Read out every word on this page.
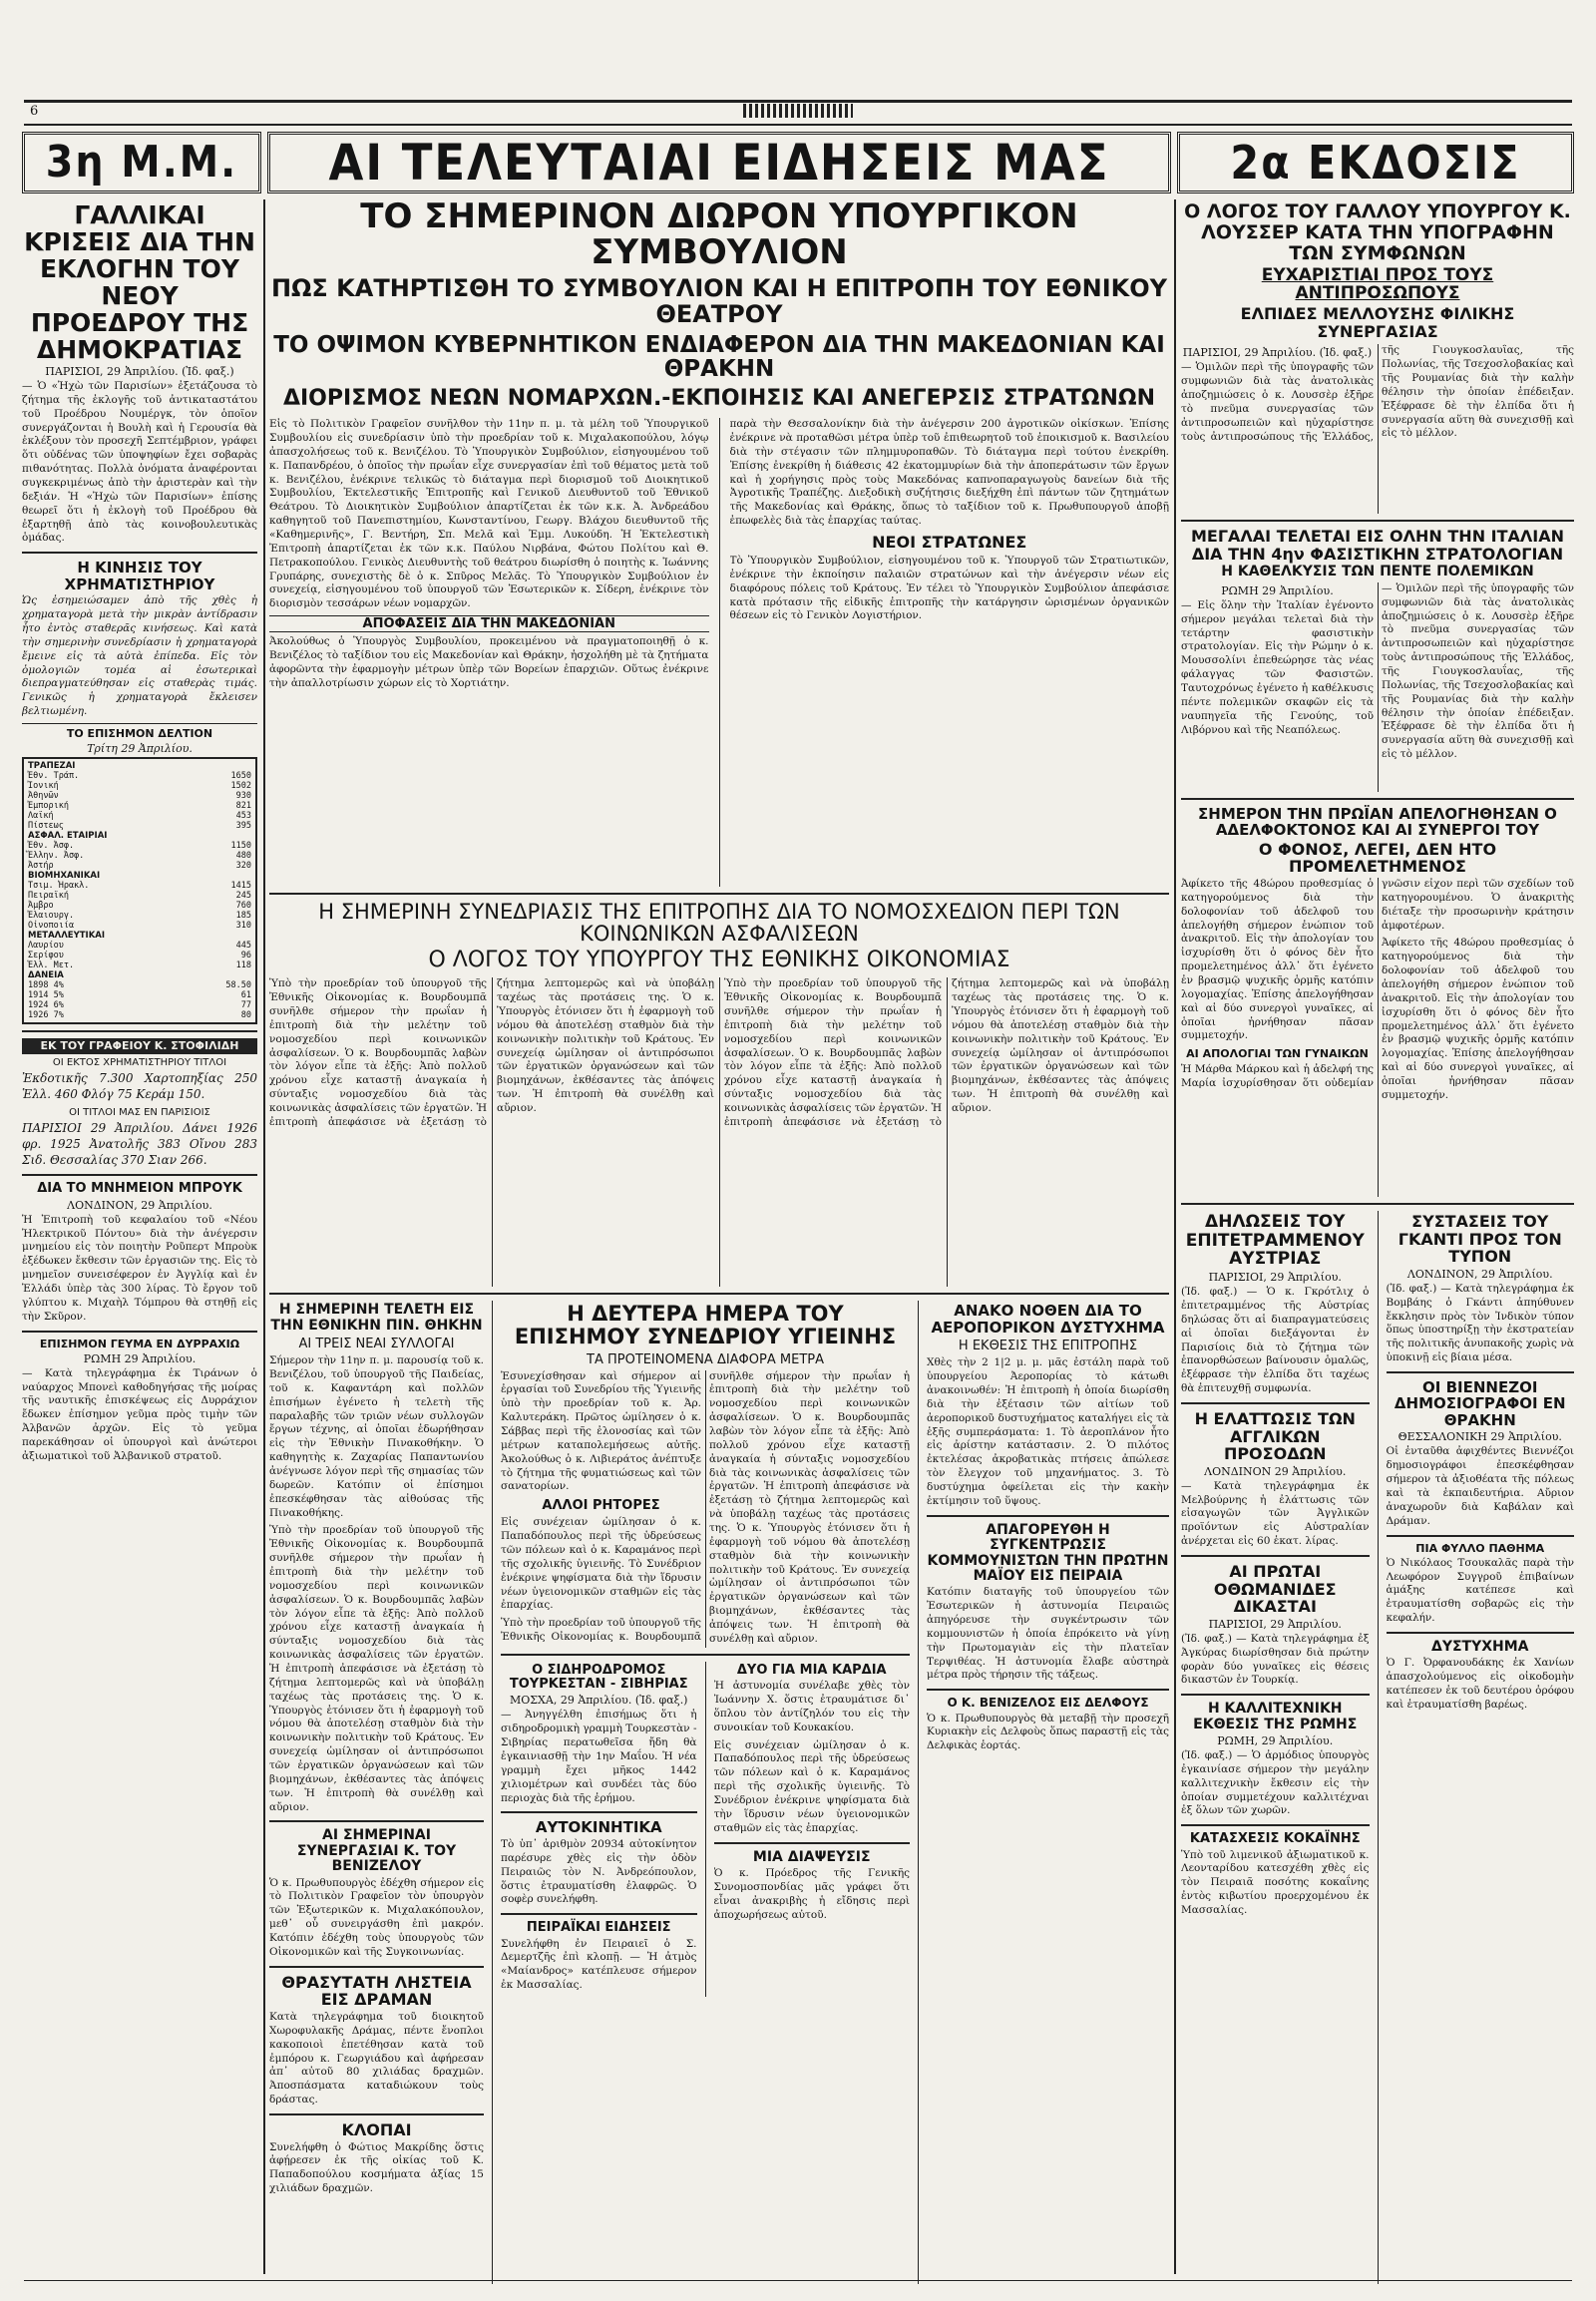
6
3η Μ.Μ.	ΑΙ ΤΕΛΕΥΤΑΙΑΙ ΕΙΔΗΣΕΙΣ ΜΑΣ	2α ΕΚΔΟΣΙΣ
ΓΑΛΛΙΚΑΙ ΚΡΙΣΕΙΣ ΔΙΑ ΤΗΝ ΕΚΛΟΓΗΝ ΤΟΥ ΝΕΟΥ ΠΡΟΕΔΡΟΥ ΤΗΣ ΔΗΜΟΚΡΑΤΙΑΣ
ΠΑΡΙΣΙΟΙ, 29 Ἀπριλίου. (Ἰδ. φαξ.)

— Ὁ «Ἠχὼ τῶν Παρισίων» ἐξετάζουσα τὸ ζήτημα τῆς ἐκλογῆς τοῦ ἀντικαταστάτου τοῦ Προέδρου Νουμέργκ, τὸν ὁποῖον συνεργάζονται ἡ Βουλὴ καὶ ἡ Γερουσία θὰ ἐκλέξουν τὸν προσεχῆ Σεπτέμβριον, γράφει ὅτι οὐδένας τῶν ὑποψηφίων ἔχει σοβαρὰς πιθανότητας. Πολλὰ ὀνόματα ἀναφέρονται συγκεκριμένως ἀπὸ τὴν ἀριστερὰν καὶ τὴν δεξιάν. Ἡ «Ἠχὼ τῶν Παρισίων» ἐπίσης θεωρεῖ ὅτι ἡ ἐκλογὴ τοῦ Προέδρου θὰ ἐξαρτηθῇ ἀπὸ τὰς κοινοβουλευτικὰς ὁμάδας.

Η ΚΙΝΗΣΙΣ ΤΟΥ ΧΡΗΜΑΤΙΣΤΗΡΙΟΥ

Ὡς ἐσημειώσαμεν ἀπὸ τῆς χθὲς ἡ χρηματαγορὰ μετὰ τὴν μικρὰν ἀντίδρασιν ἦτο ἐντὸς σταθερᾶς κινήσεως. Καὶ κατὰ τὴν σημερινὴν συνεδρίασιν ἡ χρηματαγορὰ ἔμεινε εἰς τὰ αὐτὰ ἐπίπεδα. Εἰς τὸν ὁμολογιῶν τομέα αἱ ἐσωτερικαὶ διεπραγματεύθησαν εἰς σταθερὰς τιμάς. Γενικῶς ἡ χρηματαγορὰ ἔκλεισεν βελτιωμένη.

ΤΟ ΕΠΙΣΗΜΟΝ ΔΕΛΤΙΟΝ
Τρίτη 29 Ἀπριλίου.
ΤΡΑΠΕΖΑΙ	
Ἐθν. Τράπ.	1650
Ἰονική	1502
Ἀθηνῶν	930
Ἐμπορική	821
Λαϊκή	453
Πίστεως	395
ΑΣΦΑΛ. ΕΤΑΙΡΙΑΙ	
Ἐθν. Ἀσφ.	1150
Ἕλλην. Ἀσφ.	480
Ἀστήρ	320
ΒΙΟΜΗΧΑΝΙΚΑΙ	
Τσιμ. Ἡρακλ.	1415
Πειραϊκή	245
Ἀμβρο	760
Ἐλαιουργ.	185
Οἰνοποιία	310
ΜΕΤΑΛΛΕΥΤΙΚΑΙ	
Λαυρίου	445
Σερίφου	96
Ἑλλ. Μετ.	118
ΔΑΝΕΙΑ	
1898 4%	58.50
1914 5%	61
1924 6%	77
1926 7%	80
ΕΚ ΤΟΥ ΓΡΑΦΕΙΟΥ Κ. ΣΤΟΦΙΛΙΔΗ
ΟΙ ΕΚΤΟΣ ΧΡΗΜΑΤΙΣΤΗΡΙΟΥ ΤΙΤΛΟΙ

Ἐκδοτικῆς 7.300 Χαρτοπηξίας 250 Ἑλλ. 460 Φλόγ 75 Κεράμ 150.

ΟΙ ΤΙΤΛΟΙ ΜΑΣ ΕΝ ΠΑΡΙΣΙΟΙΣ

ΠΑΡΙΣΙΟΙ 29 Ἀπριλίου. Δάνει 1926 φρ. 1925 Ἀνατολῆς 383 Οἴνου 283 Σιδ. Θεσσαλίας 370 Σιαν 266.

ΔΙΑ ΤΟ ΜΝΗΜΕΙΟΝ ΜΠΡΟΥΚ
ΛΟΝΔΙΝΟΝ, 29 Ἀπριλίου.

Ἡ Ἐπιτροπὴ τοῦ κεφαλαίου τοῦ «Νέου Ἠλεκτρικοῦ Πόντου» διὰ τὴν ἀνέγερσιν μνημείου εἰς τὸν ποιητὴν Ροῦπερτ Μπροὺκ ἐξέδωκεν ἔκθεσιν τῶν ἐργασιῶν της. Εἰς τὸ μνημεῖον συνεισέφερον ἐν Ἀγγλίᾳ καὶ ἐν Ἑλλάδι ὑπὲρ τὰς 300 λίρας. Τὸ ἔργον τοῦ γλύπτου κ. Μιχαὴλ Τόμπρου θὰ στηθῇ εἰς τὴν Σκῦρον.

ΕΠΙΣΗΜΟΝ ΓΕΥΜΑ ΕΝ ΔΥΡΡΑΧΙΩ
ΡΩΜΗ 29 Ἀπριλίου.

— Κατὰ τηλεγράφημα ἐκ Τιράνων ὁ ναύαρχος Μπονεὶ καθοδηγήσας τῆς μοίρας τῆς ναυτικῆς ἐπισκέψεως εἰς Δυρράχιον ἔδωκεν ἐπίσημον γεῦμα πρὸς τιμὴν τῶν Ἀλβανῶν ἀρχῶν. Εἰς τὸ γεῦμα παρεκάθησαν οἱ ὑπουργοὶ καὶ ἀνώτεροι ἀξιωματικοὶ τοῦ Ἀλβανικοῦ στρατοῦ.

ΤΟ ΣΗΜΕΡΙΝΟΝ ΔΙΩΡΟΝ ΥΠΟΥΡΓΙΚΟΝ ΣΥΜΒΟΥΛΙΟΝ
ΠΩΣ ΚΑΤΗΡΤΙΣΘΗ ΤΟ ΣΥΜΒΟΥΛΙΟΝ ΚΑΙ Η ΕΠΙΤΡΟΠΗ ΤΟΥ ΕΘΝΙΚΟΥ ΘΕΑΤΡΟΥ
ΤΟ ΟΨΙΜΟΝ ΚΥΒΕΡΝΗΤΙΚΟΝ ΕΝΔΙΑΦΕΡΟΝ ΔΙΑ ΤΗΝ ΜΑΚΕΔΟΝΙΑΝ ΚΑΙ ΘΡΑΚΗΝ
ΔΙΟΡΙΣΜΟΣ ΝΕΩΝ ΝΟΜΑΡΧΩΝ.-ΕΚΠΟΙΗΣΙΣ ΚΑΙ ΑΝΕΓΕΡΣΙΣ ΣΤΡΑΤΩΝΩΝ

Εἰς τὸ Πολιτικὸν Γραφεῖον συνῆλθον τὴν 11ην π. μ. τὰ μέλη τοῦ Ὑπουργικοῦ Συμβουλίου εἰς συνεδρίασιν ὑπὸ τὴν προεδρίαν τοῦ κ. Μιχαλακοπούλου, λόγῳ ἀπασχολήσεως τοῦ κ. Βενιζέλου. Τὸ Ὑπουργικὸν Συμβούλιον, εἰσηγουμένου τοῦ κ. Παπανδρέου, ὁ ὁποῖος τὴν πρωΐαν εἶχε συνεργασίαν ἐπὶ τοῦ θέματος μετὰ τοῦ κ. Βενιζέλου, ἐνέκρινε τελικῶς τὸ διάταγμα περὶ διορισμοῦ τοῦ Διοικητικοῦ Συμβουλίου, Ἐκτελεστικῆς Ἐπιτροπῆς καὶ Γενικοῦ Διευθυντοῦ τοῦ Ἐθνικοῦ Θεάτρου. Τὸ Διοικητικὸν Συμβούλιον ἀπαρτίζεται ἐκ τῶν κ.κ. Ἀ. Ἀνδρεάδου καθηγητοῦ τοῦ Πανεπιστημίου, Κωνσταντίνου, Γεωργ. Βλάχου διευθυντοῦ τῆς «Καθημερινῆς», Γ. Βεντήρη, Σπ. Μελᾶ καὶ Ἐμμ. Λυκούδη. Ἡ Ἐκτελεστικὴ Ἐπιτροπὴ ἀπαρτίζεται ἐκ τῶν κ.κ. Παύλου Νιρβάνα, Φώτου Πολίτου καὶ Θ. Πετρακοπούλου. Γενικὸς Διευθυντὴς τοῦ θεάτρου διωρίσθη ὁ ποιητὴς κ. Ἰωάννης Γρυπάρης, συνεχιστὴς δὲ ὁ κ. Σπῦρος Μελᾶς. Τὸ Ὑπουργικὸν Συμβούλιον ἐν συνεχείᾳ, εἰσηγουμένου τοῦ ὑπουργοῦ τῶν Ἐσωτερικῶν κ. Σίδερη, ἐνέκρινε τὸν διορισμὸν τεσσάρων νέων νομαρχῶν.

ΑΠΟΦΑΣΕΙΣ ΔΙΑ ΤΗΝ ΜΑΚΕΔΟΝΙΑΝ

Ἀκολούθως ὁ Ὑπουργὸς Συμβουλίου, προκειμένου νὰ πραγματοποιηθῇ ὁ κ. Βενιζέλος τὸ ταξίδιον του εἰς Μακεδονίαν καὶ Θράκην, ἠσχολήθη μὲ τὰ ζητήματα ἀφορῶντα τὴν ἐφαρμογὴν μέτρων ὑπὲρ τῶν Βορείων ἐπαρχιῶν. Οὕτως ἐνέκρινε τὴν ἀπαλλοτρίωσιν χώρων εἰς τὸ Χορτιάτην.

παρὰ τὴν Θεσσαλονίκην διὰ τὴν ἀνέγερσιν 200 ἀγροτικῶν οἰκίσκων. Ἐπίσης ἐνέκρινε νὰ προταθῶσι μέτρα ὑπὲρ τοῦ ἐπιθεωρητοῦ τοῦ ἐποικισμοῦ κ. Βασιλείου διὰ τὴν στέγασιν τῶν πλημμυροπαθῶν. Τὸ διάταγμα περὶ τούτου ἐνεκρίθη. Ἐπίσης ἐνεκρίθη ἡ διάθεσις 42 ἐκατομμυρίων διὰ τὴν ἀποπεράτωσιν τῶν ἔργων καὶ ἡ χορήγησις πρὸς τοὺς Μακεδόνας καπνοπαραγωγοὺς δανείων διὰ τῆς Ἀγροτικῆς Τραπέζης. Διεξοδικὴ συζήτησις διεξήχθη ἐπὶ πάντων τῶν ζητημάτων τῆς Μακεδονίας καὶ Θράκης, ὅπως τὸ ταξίδιον τοῦ κ. Πρωθυπουργοῦ ἀποβῇ ἐπωφελὲς διὰ τὰς ἐπαρχίας ταύτας.

ΝΕΟΙ ΣΤΡΑΤΩΝΕΣ

Τὸ Ὑπουργικὸν Συμβούλιον, εἰσηγουμένου τοῦ κ. Ὑπουργοῦ τῶν Στρατιωτικῶν, ἐνέκρινε τὴν ἐκποίησιν παλαιῶν στρατώνων καὶ τὴν ἀνέγερσιν νέων εἰς διαφόρους πόλεις τοῦ Κράτους. Ἐν τέλει τὸ Ὑπουργικὸν Συμβούλιον ἀπεφάσισε κατὰ πρότασιν τῆς εἰδικῆς ἐπιτροπῆς τὴν κατάργησιν ὡρισμένων ὀργανικῶν θέσεων εἰς τὸ Γενικὸν Λογιστήριον.

Η ΣΗΜΕΡΙΝΗ ΣΥΝΕΔΡΙΑΣΙΣ ΤΗΣ ΕΠΙΤΡΟΠΗΣ ΔΙΑ ΤΟ ΝΟΜΟΣΧΕΔΙΟΝ ΠΕΡΙ ΤΩΝ ΚΟΙΝΩΝΙΚΩΝ ΑΣΦΑΛΙΣΕΩΝ
Ο ΛΟΓΟΣ ΤΟΥ ΥΠΟΥΡΓΟΥ ΤΗΣ ΕΘΝΙΚΗΣ ΟΙΚΟΝΟΜΙΑΣ

Ὑπὸ τὴν προεδρίαν τοῦ ὑπουργοῦ τῆς Ἐθνικῆς Οἰκονομίας κ. Βουρδουμπᾶ συνῆλθε σήμερον τὴν πρωΐαν ἡ ἐπιτροπὴ διὰ τὴν μελέτην τοῦ νομοσχεδίου περὶ κοινωνικῶν ἀσφαλίσεων. Ὁ κ. Βουρδουμπᾶς λαβὼν τὸν λόγον εἶπε τὰ ἑξῆς: Ἀπὸ πολλοῦ χρόνου εἶχε καταστῇ ἀναγκαία ἡ σύνταξις νομοσχεδίου διὰ τὰς κοινωνικὰς ἀσφαλίσεις τῶν ἐργατῶν. Ἡ ἐπιτροπὴ ἀπεφάσισε νὰ ἐξετάσῃ τὸ ζήτημα λεπτομερῶς καὶ νὰ ὑποβάλῃ ταχέως τὰς προτάσεις της. Ὁ κ. Ὑπουργὸς ἐτόνισεν ὅτι ἡ ἐφαρμογὴ τοῦ νόμου θὰ ἀποτελέσῃ σταθμὸν διὰ τὴν κοινωνικὴν πολιτικὴν τοῦ Κράτους. Ἐν συνεχείᾳ ὡμίλησαν οἱ ἀντιπρόσωποι τῶν ἐργατικῶν ὀργανώσεων καὶ τῶν βιομηχάνων, ἐκθέσαντες τὰς ἀπόψεις των. Ἡ ἐπιτροπὴ θὰ συνέλθῃ καὶ αὔριον.

Ὑπὸ τὴν προεδρίαν τοῦ ὑπουργοῦ τῆς Ἐθνικῆς Οἰκονομίας κ. Βουρδουμπᾶ συνῆλθε σήμερον τὴν πρωΐαν ἡ ἐπιτροπὴ διὰ τὴν μελέτην τοῦ νομοσχεδίου περὶ κοινωνικῶν ἀσφαλίσεων. Ὁ κ. Βουρδουμπᾶς λαβὼν τὸν λόγον εἶπε τὰ ἑξῆς: Ἀπὸ πολλοῦ χρόνου εἶχε καταστῇ ἀναγκαία ἡ σύνταξις νομοσχεδίου διὰ τὰς κοινωνικὰς ἀσφαλίσεις τῶν ἐργατῶν. Ἡ ἐπιτροπὴ ἀπεφάσισε νὰ ἐξετάσῃ τὸ ζήτημα λεπτομερῶς καὶ νὰ ὑποβάλῃ ταχέως τὰς προτάσεις της. Ὁ κ. Ὑπουργὸς ἐτόνισεν ὅτι ἡ ἐφαρμογὴ τοῦ νόμου θὰ ἀποτελέσῃ σταθμὸν διὰ τὴν κοινωνικὴν πολιτικὴν τοῦ Κράτους. Ἐν συνεχείᾳ ὡμίλησαν οἱ ἀντιπρόσωποι τῶν ἐργατικῶν ὀργανώσεων καὶ τῶν βιομηχάνων, ἐκθέσαντες τὰς ἀπόψεις των. Ἡ ἐπιτροπὴ θὰ συνέλθῃ καὶ αὔριον.

Η ΣΗΜΕΡΙΝΗ ΤΕΛΕΤΗ ΕΙΣ ΤΗΝ ΕΘΝΙΚΗΝ ΠΙΝ. ΘΗΚΗΝ
ΑΙ ΤΡΕΙΣ ΝΕΑΙ ΣΥΛΛΟΓΑΙ

Σήμερον τὴν 11ην π. μ. παρουσίᾳ τοῦ κ. Βενιζέλου, τοῦ ὑπουργοῦ τῆς Παιδείας, τοῦ κ. Καφαντάρη καὶ πολλῶν ἐπισήμων ἐγένετο ἡ τελετὴ τῆς παραλαβῆς τῶν τριῶν νέων συλλογῶν ἔργων τέχνης, αἱ ὁποῖαι ἐδωρήθησαν εἰς τὴν Ἐθνικὴν Πινακοθήκην. Ὁ καθηγητὴς κ. Ζαχαρίας Παπαντωνίου ἀνέγνωσε λόγον περὶ τῆς σημασίας τῶν δωρεῶν. Κατόπιν οἱ ἐπίσημοι ἐπεσκέφθησαν τὰς αἰθούσας τῆς Πινακοθήκης.

Ὑπὸ τὴν προεδρίαν τοῦ ὑπουργοῦ τῆς Ἐθνικῆς Οἰκονομίας κ. Βουρδουμπᾶ συνῆλθε σήμερον τὴν πρωΐαν ἡ ἐπιτροπὴ διὰ τὴν μελέτην τοῦ νομοσχεδίου περὶ κοινωνικῶν ἀσφαλίσεων. Ὁ κ. Βουρδουμπᾶς λαβὼν τὸν λόγον εἶπε τὰ ἑξῆς: Ἀπὸ πολλοῦ χρόνου εἶχε καταστῇ ἀναγκαία ἡ σύνταξις νομοσχεδίου διὰ τὰς κοινωνικὰς ἀσφαλίσεις τῶν ἐργατῶν. Ἡ ἐπιτροπὴ ἀπεφάσισε νὰ ἐξετάσῃ τὸ ζήτημα λεπτομερῶς καὶ νὰ ὑποβάλῃ ταχέως τὰς προτάσεις της. Ὁ κ. Ὑπουργὸς ἐτόνισεν ὅτι ἡ ἐφαρμογὴ τοῦ νόμου θὰ ἀποτελέσῃ σταθμὸν διὰ τὴν κοινωνικὴν πολιτικὴν τοῦ Κράτους. Ἐν συνεχείᾳ ὡμίλησαν οἱ ἀντιπρόσωποι τῶν ἐργατικῶν ὀργανώσεων καὶ τῶν βιομηχάνων, ἐκθέσαντες τὰς ἀπόψεις των. Ἡ ἐπιτροπὴ θὰ συνέλθῃ καὶ αὔριον.

ΑΙ ΣΗΜΕΡΙΝΑΙ ΣΥΝΕΡΓΑΣΙΑΙ Κ. ΤΟΥ ΒΕΝΙΖΕΛΟΥ

Ὁ κ. Πρωθυπουργὸς ἐδέχθη σήμερον εἰς τὸ Πολιτικὸν Γραφεῖον τὸν ὑπουργὸν τῶν Ἐξωτερικῶν κ. Μιχαλακόπουλον, μεθ᾽ οὗ συνειργάσθη ἐπὶ μακρόν. Κατόπιν ἐδέχθη τοὺς ὑπουργοὺς τῶν Οἰκονομικῶν καὶ τῆς Συγκοινωνίας.

ΘΡΑΣΥΤΑΤΗ ΛΗΣΤΕΙΑ ΕΙΣ ΔΡΑΜΑΝ

Κατὰ τηλεγράφημα τοῦ διοικητοῦ Χωροφυλακῆς Δράμας, πέντε ἔνοπλοι κακοποιοὶ ἐπετέθησαν κατὰ τοῦ ἐμπόρου κ. Γεωργιάδου καὶ ἀφήρεσαν ἀπ᾽ αὐτοῦ 80 χιλιάδας δραχμῶν. Ἀποσπάσματα καταδιώκουν τοὺς δράστας.

ΚΛΟΠΑΙ

Συνελήφθη ὁ Φώτιος Μακρίδης ὅστις ἀφῄρεσεν ἐκ τῆς οἰκίας τοῦ Κ. Παπαδοπούλου κοσμήματα ἀξίας 15 χιλιάδων δραχμῶν.

Η ΔΕΥΤΕΡΑ ΗΜΕΡΑ ΤΟΥ ΕΠΙΣΗΜΟΥ ΣΥΝΕΔΡΙΟΥ ΥΓΙΕΙΝΗΣ
ΤΑ ΠΡΟΤΕΙΝΟΜΕΝΑ ΔΙΑΦΟΡΑ ΜΕΤΡΑ

Ἐσυνεχίσθησαν καὶ σήμερον αἱ ἐργασίαι τοῦ Συνεδρίου τῆς Ὑγιεινῆς ὑπὸ τὴν προεδρίαν τοῦ κ. Ἀρ. Καλυτεράκη. Πρῶτος ὡμίλησεν ὁ κ. Σάββας περὶ τῆς ἐλονοσίας καὶ τῶν μέτρων καταπολεμήσεως αὐτῆς. Ἀκολούθως ὁ κ. Λιβιεράτος ἀνέπτυξε τὸ ζήτημα τῆς φυματιώσεως καὶ τῶν σανατορίων.

ΑΛΛΟΙ ΡΗΤΟΡΕΣ

Εἰς συνέχειαν ὡμίλησαν ὁ κ. Παπαδόπουλος περὶ τῆς ὑδρεύσεως τῶν πόλεων καὶ ὁ κ. Καραμάνος περὶ τῆς σχολικῆς ὑγιεινῆς. Τὸ Συνέδριον ἐνέκρινε ψηφίσματα διὰ τὴν ἵδρυσιν νέων ὑγειονομικῶν σταθμῶν εἰς τὰς ἐπαρχίας.

Ὑπὸ τὴν προεδρίαν τοῦ ὑπουργοῦ τῆς Ἐθνικῆς Οἰκονομίας κ. Βουρδουμπᾶ συνῆλθε σήμερον τὴν πρωΐαν ἡ ἐπιτροπὴ διὰ τὴν μελέτην τοῦ νομοσχεδίου περὶ κοινωνικῶν ἀσφαλίσεων. Ὁ κ. Βουρδουμπᾶς λαβὼν τὸν λόγον εἶπε τὰ ἑξῆς: Ἀπὸ πολλοῦ χρόνου εἶχε καταστῇ ἀναγκαία ἡ σύνταξις νομοσχεδίου διὰ τὰς κοινωνικὰς ἀσφαλίσεις τῶν ἐργατῶν. Ἡ ἐπιτροπὴ ἀπεφάσισε νὰ ἐξετάσῃ τὸ ζήτημα λεπτομερῶς καὶ νὰ ὑποβάλῃ ταχέως τὰς προτάσεις της. Ὁ κ. Ὑπουργὸς ἐτόνισεν ὅτι ἡ ἐφαρμογὴ τοῦ νόμου θὰ ἀποτελέσῃ σταθμὸν διὰ τὴν κοινωνικὴν πολιτικὴν τοῦ Κράτους. Ἐν συνεχείᾳ ὡμίλησαν οἱ ἀντιπρόσωποι τῶν ἐργατικῶν ὀργανώσεων καὶ τῶν βιομηχάνων, ἐκθέσαντες τὰς ἀπόψεις των. Ἡ ἐπιτροπὴ θὰ συνέλθῃ καὶ αὔριον.

Ο ΣΙΔΗΡΟΔΡΟΜΟΣ ΤΟΥΡΚΕΣΤΑΝ - ΣΙΒΗΡΙΑΣ
ΜΟΣΧΑ, 29 Ἀπριλίου. (Ἰδ. φαξ.)

— Ἀνηγγέλθη ἐπισήμως ὅτι ἡ σιδηροδρομικὴ γραμμὴ Τουρκεστὰν - Σιβηρίας περατωθεῖσα ἤδη θὰ ἐγκαινιασθῇ τὴν 1ην Μαΐου. Ἡ νέα γραμμὴ ἔχει μῆκος 1442 χιλιομέτρων καὶ συνδέει τὰς δύο περιοχὰς διὰ τῆς ἐρήμου.

ΑΥΤΟΚΙΝΗΤΙΚΑ

Τὸ ὑπ᾽ ἀριθμὸν 20934 αὐτοκίνητον παρέσυρε χθὲς εἰς τὴν ὁδὸν Πειραιῶς τὸν Ν. Ἀνδρεόπουλον, ὅστις ἐτραυματίσθη ἐλαφρῶς. Ὁ σοφὲρ συνελήφθη.

ΠΕΙΡΑΪΚΑΙ ΕΙΔΗΣΕΙΣ

Συνελήφθη ἐν Πειραιεῖ ὁ Σ. Δεμερτζῆς ἐπὶ κλοπῇ. — Ἡ ἀτμὸς «Μαίανδρος» κατέπλευσε σήμερον ἐκ Μασσαλίας.

ΔΥΟ ΓΙΑ ΜΙΑ ΚΑΡΔΙΑ

Ἡ ἀστυνομία συνέλαβε χθὲς τὸν Ἰωάννην Χ. ὅστις ἐτραυμάτισε δι᾽ ὅπλου τὸν ἀντίζηλόν του εἰς τὴν συνοικίαν τοῦ Κουκακίου.

Εἰς συνέχειαν ὡμίλησαν ὁ κ. Παπαδόπουλος περὶ τῆς ὑδρεύσεως τῶν πόλεων καὶ ὁ κ. Καραμάνος περὶ τῆς σχολικῆς ὑγιεινῆς. Τὸ Συνέδριον ἐνέκρινε ψηφίσματα διὰ τὴν ἵδρυσιν νέων ὑγειονομικῶν σταθμῶν εἰς τὰς ἐπαρχίας.

ΜΙΑ ΔΙΑΨΕΥΣΙΣ

Ὁ κ. Πρόεδρος τῆς Γενικῆς Συνομοσπονδίας μᾶς γράφει ὅτι εἶναι ἀνακριβὴς ἡ εἴδησις περὶ ἀποχωρήσεως αὐτοῦ.

ΑΝΑΚΟ ΝΟΘΕΝ ΔΙΑ ΤΟ ΑΕΡΟΠΟΡΙΚΟΝ ΔΥΣΤΥΧΗΜΑ
Η ΕΚΘΕΣΙΣ ΤΗΣ ΕΠΙΤΡΟΠΗΣ

Χθὲς τὴν 2 1|2 μ. μ. μᾶς ἐστάλη παρὰ τοῦ ὑπουργείου Ἀεροπορίας τὸ κάτωθι ἀνακοινωθέν: Ἡ ἐπιτροπὴ ἡ ὁποία διωρίσθη διὰ τὴν ἐξέτασιν τῶν αἰτίων τοῦ ἀεροπορικοῦ δυστυχήματος καταλήγει εἰς τὰ ἑξῆς συμπεράσματα: 1. Τὸ ἀεροπλάνον ἦτο εἰς ἀρίστην κατάστασιν. 2. Ὁ πιλότος ἐκτελέσας ἀκροβατικὰς πτήσεις ἀπώλεσε τὸν ἔλεγχον τοῦ μηχανήματος. 3. Τὸ δυστύχημα ὀφείλεται εἰς τὴν κακὴν ἐκτίμησιν τοῦ ὕψους.

ΑΠΑΓΟΡΕΥΘΗ Η ΣΥΓΚΕΝΤΡΩΣΙΣ ΚΟΜΜΟΥΝΙΣΤΩΝ ΤΗΝ ΠΡΩΤΗΝ ΜΑΪΟΥ ΕΙΣ ΠΕΙΡΑΙΑ

Κατόπιν διαταγῆς τοῦ ὑπουργείου τῶν Ἐσωτερικῶν ἡ ἀστυνομία Πειραιῶς ἀπηγόρευσε τὴν συγκέντρωσιν τῶν κομμουνιστῶν ἡ ὁποία ἐπρόκειτο νὰ γίνῃ τὴν Πρωτομαγιὰν εἰς τὴν πλατεῖαν Τερψιθέας. Ἡ ἀστυνομία ἔλαβε αὐστηρὰ μέτρα πρὸς τήρησιν τῆς τάξεως.

Ο Κ. ΒΕΝΙΖΕΛΟΣ ΕΙΣ ΔΕΛΦΟΥΣ

Ὁ κ. Πρωθυπουργὸς θὰ μεταβῇ τὴν προσεχῆ Κυριακὴν εἰς Δελφοὺς ὅπως παραστῇ εἰς τὰς Δελφικὰς ἑορτάς.

Ο ΛΟΓΟΣ ΤΟΥ ΓΑΛΛΟΥ ΥΠΟΥΡΓΟΥ Κ. ΛΟΥΣΣΕΡ ΚΑΤΑ ΤΗΝ ΥΠΟΓΡΑΦΗΝ ΤΩΝ ΣΥΜΦΩΝΩΝ
ΕΥΧΑΡΙΣΤΙΑΙ ΠΡΟΣ ΤΟΥΣ ΑΝΤΙΠΡΟΣΩΠΟΥΣ
ΕΛΠΙΔΕΣ ΜΕΛΛΟΥΣΗΣ ΦΙΛΙΚΗΣ ΣΥΝΕΡΓΑΣΙΑΣ
ΠΑΡΙΣΙΟΙ, 29 Ἀπριλίου. (Ἰδ. φαξ.)

— Ὁμιλῶν περὶ τῆς ὑπογραφῆς τῶν συμφωνιῶν διὰ τὰς ἀνατολικὰς ἀποζημιώσεις ὁ κ. Λουσσὲρ ἐξῆρε τὸ πνεῦμα συνεργασίας τῶν ἀντιπροσωπειῶν καὶ ηὐχαρίστησε τοὺς ἀντιπροσώπους τῆς Ἑλλάδος, τῆς Γιουγκοσλαυΐας, τῆς Πολωνίας, τῆς Τσεχοσλοβακίας καὶ τῆς Ρουμανίας διὰ τὴν καλὴν θέλησιν τὴν ὁποίαν ἐπέδειξαν. Ἐξέφρασε δὲ τὴν ἐλπίδα ὅτι ἡ συνεργασία αὕτη θὰ συνεχισθῇ καὶ εἰς τὸ μέλλον.

ΜΕΓΑΛΑΙ ΤΕΛΕΤΑΙ ΕΙΣ ΟΛΗΝ ΤΗΝ ΙΤΑΛΙΑΝ ΔΙΑ ΤΗΝ 4ην ΦΑΣΙΣΤΙΚΗΝ ΣΤΡΑΤΟΛΟΓΙΑΝ
Η ΚΑΘΕΛΚΥΣΙΣ ΤΩΝ ΠΕΝΤΕ ΠΟΛΕΜΙΚΩΝ
ΡΩΜΗ 29 Ἀπριλίου.

— Εἰς ὅλην τὴν Ἰταλίαν ἐγένοντο σήμερον μεγάλαι τελεταὶ διὰ τὴν τετάρτην φασιστικὴν στρατολογίαν. Εἰς τὴν Ρώμην ὁ κ. Μουσσολίνι ἐπεθεώρησε τὰς νέας φάλαγγας τῶν Φασιστῶν. Ταυτοχρόνως ἐγένετο ἡ καθέλκυσις πέντε πολεμικῶν σκαφῶν εἰς τὰ ναυπηγεῖα τῆς Γενούης, τοῦ Λιβόρνου καὶ τῆς Νεαπόλεως.

— Ὁμιλῶν περὶ τῆς ὑπογραφῆς τῶν συμφωνιῶν διὰ τὰς ἀνατολικὰς ἀποζημιώσεις ὁ κ. Λουσσὲρ ἐξῆρε τὸ πνεῦμα συνεργασίας τῶν ἀντιπροσωπειῶν καὶ ηὐχαρίστησε τοὺς ἀντιπροσώπους τῆς Ἑλλάδος, τῆς Γιουγκοσλαυΐας, τῆς Πολωνίας, τῆς Τσεχοσλοβακίας καὶ τῆς Ρουμανίας διὰ τὴν καλὴν θέλησιν τὴν ὁποίαν ἐπέδειξαν. Ἐξέφρασε δὲ τὴν ἐλπίδα ὅτι ἡ συνεργασία αὕτη θὰ συνεχισθῇ καὶ εἰς τὸ μέλλον.

ΣΗΜΕΡΟΝ ΤΗΝ ΠΡΩΪΑΝ ΑΠΕΛΟΓΗΘΗΣΑΝ Ο ΑΔΕΛΦΟΚΤΟΝΟΣ ΚΑΙ ΑΙ ΣΥΝΕΡΓΟΙ ΤΟΥ
Ο ΦΟΝΟΣ, ΛΕΓΕΙ, ΔΕΝ ΗΤΟ ΠΡΟΜΕΛΕΤΗΜΕΝΟΣ

Ἀφίκετο τῆς 48ώρου προθεσμίας ὁ κατηγορούμενος διὰ τὴν δολοφονίαν τοῦ ἀδελφοῦ του ἀπελογήθη σήμερον ἐνώπιον τοῦ ἀνακριτοῦ. Εἰς τὴν ἀπολογίαν του ἰσχυρίσθη ὅτι ὁ φόνος δὲν ἦτο προμελετημένος ἀλλ᾽ ὅτι ἐγένετο ἐν βρασμῷ ψυχικῆς ὁρμῆς κατόπιν λογομαχίας. Ἐπίσης ἀπελογήθησαν καὶ αἱ δύο συνεργοὶ γυναῖκες, αἱ ὁποῖαι ἠρνήθησαν πᾶσαν συμμετοχήν.

ΑΙ ΑΠΟΛΟΓΙΑΙ ΤΩΝ ΓΥΝΑΙΚΩΝ

Ἡ Μάρθα Μάρκου καὶ ἡ ἀδελφή της Μαρία ἰσχυρίσθησαν ὅτι οὐδεμίαν γνῶσιν εἶχον περὶ τῶν σχεδίων τοῦ κατηγορουμένου. Ὁ ἀνακριτὴς διέταξε τὴν προσωρινὴν κράτησιν ἀμφοτέρων.

Ἀφίκετο τῆς 48ώρου προθεσμίας ὁ κατηγορούμενος διὰ τὴν δολοφονίαν τοῦ ἀδελφοῦ του ἀπελογήθη σήμερον ἐνώπιον τοῦ ἀνακριτοῦ. Εἰς τὴν ἀπολογίαν του ἰσχυρίσθη ὅτι ὁ φόνος δὲν ἦτο προμελετημένος ἀλλ᾽ ὅτι ἐγένετο ἐν βρασμῷ ψυχικῆς ὁρμῆς κατόπιν λογομαχίας. Ἐπίσης ἀπελογήθησαν καὶ αἱ δύο συνεργοὶ γυναῖκες, αἱ ὁποῖαι ἠρνήθησαν πᾶσαν συμμετοχήν.

ΔΗΛΩΣΕΙΣ ΤΟΥ ΕΠΙΤΕΤΡΑΜΜΕΝΟΥ ΑΥΣΤΡΙΑΣ
ΠΑΡΙΣΙΟΙ, 29 Ἀπριλίου.

(Ἰδ. φαξ.) — Ὁ κ. Γκρότλιχ ὁ ἐπιτετραμμένος τῆς Αὐστρίας δηλώσας ὅτι αἱ διαπραγματεύσεις αἱ ὁποῖαι διεξάγονται ἐν Παρισίοις διὰ τὸ ζήτημα τῶν ἐπανορθώσεων βαίνουσιν ὁμαλῶς, ἐξέφρασε τὴν ἐλπίδα ὅτι ταχέως θὰ ἐπιτευχθῇ συμφωνία.

Η ΕΛΑΤΤΩΣΙΣ ΤΩΝ ΑΓΓΛΙΚΩΝ ΠΡΟΣΟΔΩΝ
ΛΟΝΔΙΝΟΝ 29 Ἀπριλίου.

— Κατὰ τηλεγράφημα ἐκ Μελβούρνης ἡ ἐλάττωσις τῶν εἰσαγωγῶν τῶν Ἀγγλικῶν προϊόντων εἰς Αὐστραλίαν ἀνέρχεται εἰς 60 ἑκατ. λίρας.

ΑΙ ΠΡΩΤΑΙ ΟΘΩΜΑΝΙΔΕΣ ΔΙΚΑΣΤΑΙ
ΠΑΡΙΣΙΟΙ, 29 Ἀπριλίου.

(Ἰδ. φαξ.) — Κατὰ τηλεγράφημα ἐξ Ἀγκύρας διωρίσθησαν διὰ πρώτην φορὰν δύο γυναῖκες εἰς θέσεις δικαστῶν ἐν Τουρκίᾳ.

Η ΚΑΛΛΙΤΕΧΝΙΚΗ ΕΚΘΕΣΙΣ ΤΗΣ ΡΩΜΗΣ
ΡΩΜΗ, 29 Ἀπριλίου.

(Ἰδ. φαξ.) — Ὁ ἀρμόδιος ὑπουργὸς ἐγκαινίασε σήμερον τὴν μεγάλην καλλιτεχνικὴν ἔκθεσιν εἰς τὴν ὁποίαν συμμετέχουν καλλιτέχναι ἐξ ὅλων τῶν χωρῶν.

ΚΑΤΑΣΧΕΣΙΣ ΚΟΚΑΪΝΗΣ

Ὑπὸ τοῦ λιμενικοῦ ἀξιωματικοῦ κ. Λεονταρίδου κατεσχέθη χθὲς εἰς τὸν Πειραιᾶ ποσότης κοκαΐνης ἐντὸς κιβωτίου προερχομένου ἐκ Μασσαλίας.

ΣΥΣΤΑΣΕΙΣ ΤΟΥ ΓΚΑΝΤΙ ΠΡΟΣ ΤΟΝ ΤΥΠΟΝ
ΛΟΝΔΙΝΟΝ, 29 Ἀπριλίου.

(Ἰδ. φαξ.) — Κατὰ τηλεγράφημα ἐκ Βομβάης ὁ Γκάντι ἀπηύθυνεν ἔκκλησιν πρὸς τὸν Ἰνδικὸν τύπον ὅπως ὑποστηρίξῃ τὴν ἐκστρατείαν τῆς πολιτικῆς ἀνυπακοῆς χωρὶς νὰ ὑποκινῇ εἰς βίαια μέσα.

ΟΙ ΒΙΕΝΝΕΖΟΙ ΔΗΜΟΣΙΟΓΡΑΦΟΙ ΕΝ ΘΡΑΚΗΝ
ΘΕΣΣΑΛΟΝΙΚΗ 29 Ἀπριλίου.

Οἱ ἐνταῦθα ἀφιχθέντες Βιεννέζοι δημοσιογράφοι ἐπεσκέφθησαν σήμερον τὰ ἀξιοθέατα τῆς πόλεως καὶ τὰ ἐκπαιδευτήρια. Αὔριον ἀναχωροῦν διὰ Καβάλαν καὶ Δράμαν.

ΠΙΑ ΦΥΛΛΟ ΠΑΘΗΜΑ

Ὁ Νικόλαος Τσουκαλᾶς παρὰ τὴν Λεωφόρον Συγγροῦ ἐπιβαίνων ἁμάξης κατέπεσε καὶ ἐτραυματίσθη σοβαρῶς εἰς τὴν κεφαλήν.

ΔΥΣΤΥΧΗΜΑ

Ὁ Γ. Ὀρφανουδάκης ἐκ Χανίων ἀπασχολούμενος εἰς οἰκοδομὴν κατέπεσεν ἐκ τοῦ δευτέρου ὀρόφου καὶ ἐτραυματίσθη βαρέως.
